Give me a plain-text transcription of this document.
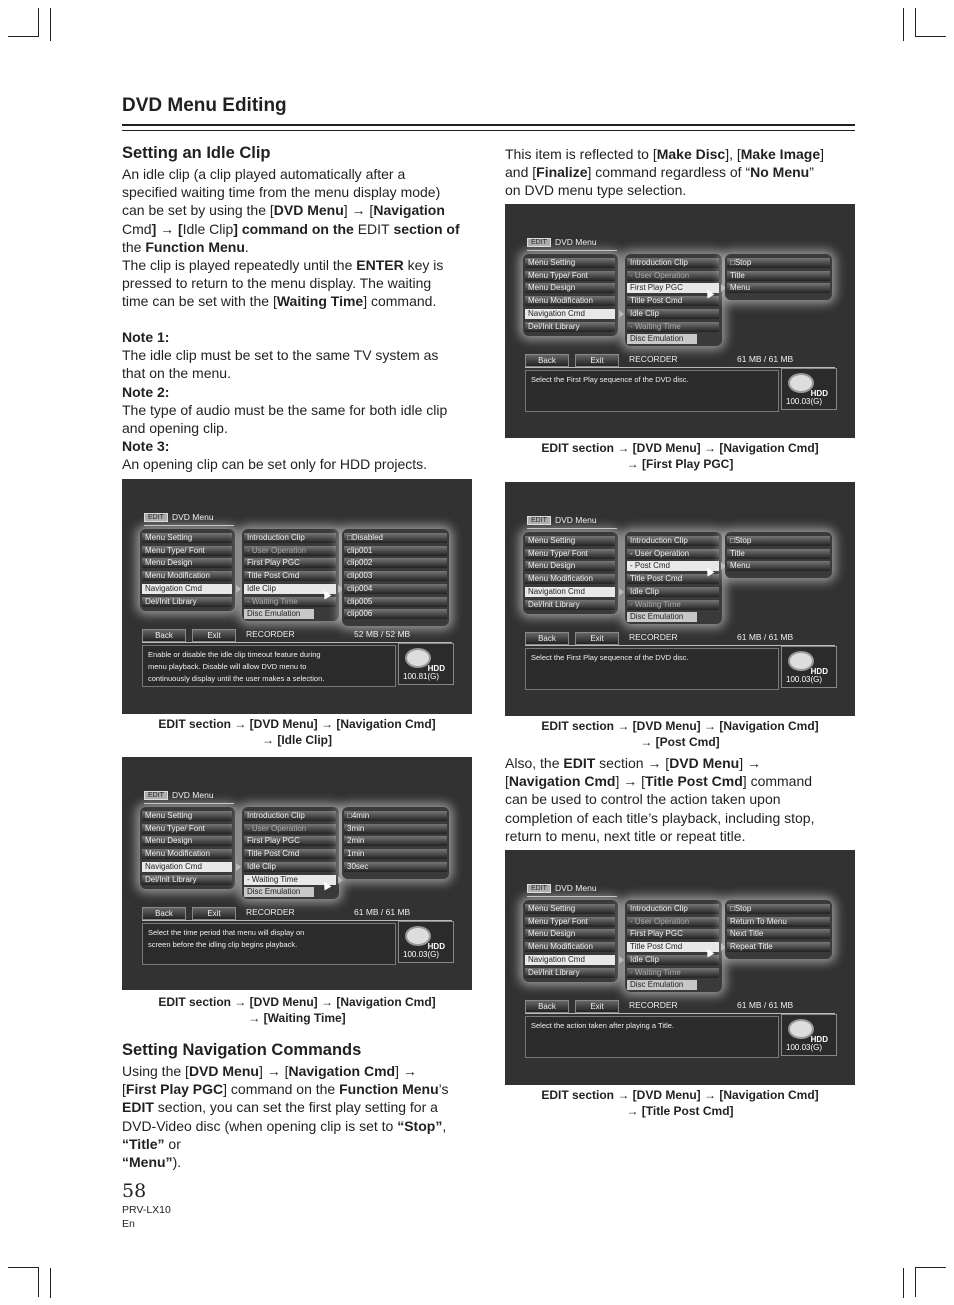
DVD Menu Editing
Setting an Idle Clip
An idle clip (a clip played automatically after a
specified waiting time from the menu display mode)
can be set by using the [DVD Menu] → [Navigation
Cmd] → [Idle Clip] command on the EDIT section of
the Function Menu.
The clip is played repeatedly until the ENTER key is
pressed to return to the menu display. The waiting
time can be set with the [Waiting Time] command.
Note 1:
The idle clip must be set to the same TV system as
that on the menu.
Note 2:
The type of audio must be the same for both idle clip
and opening clip.
Note 3:
An opening clip can be set only for HDD projects.
EDIT DVD Menu
Menu Setting
Menu Type/ Font
Menu Design
Menu Modification
Navigation Cmd
Del/Init Library
Introduction Clip
- User Operation
First Play PGC
Title Post Cmd
Idle Clip
- Waiting Time
Disc Emulation
□Disabled
clip001
clip002
clip003
clip004
clip005
clip006
Back	Exit	RECORDER	52 MB / 52 MB
Enable or disable the idle clip timeout feature during
menu playback. Disable will allow DVD menu to
continuously display until the user makes a selection.
HDD
100.81(G)
EDIT section → [DVD Menu] → [Navigation Cmd]
→ [Idle Clip]
EDIT DVD Menu
Menu Setting
Menu Type/ Font
Menu Design
Menu Modification
Navigation Cmd
Del/Init Library
Introduction Clip
- User Operation
First Play PGC
Title Post Cmd
Idle Clip
- Waiting Time
Disc Emulation
□4min
3min
2min
1min
30sec
Back	Exit	RECORDER	61 MB / 61 MB
Select the time period that menu will display on
screen before the idling clip begins playback.	HDD
100.03(G)
EDIT section → [DVD Menu] → [Navigation Cmd]
→ [Waiting Time]
Setting Navigation Commands
Using the [DVD Menu] → [Navigation Cmd] →
[First Play PGC] command on the Function Menu’s
EDIT section, you can set the first play setting for a
DVD-Video disc (when opening clip is set to “Stop”, “Title” or
“Menu”).
This item is reflected to [Make Disc], [Make Image]
and [Finalize] command regardless of “No Menu”
on DVD menu type selection.
EDIT DVD Menu
Menu Setting
Menu Type/ Font
Menu Design
Menu Modification
Navigation Cmd
Del/Init Library
Introduction Clip
- User Operation
First Play PGC
Title Post Cmd
Idle Clip
- Waiting Time
Disc Emulation
□Stop
Title
Menu
Back	Exit	RECORDER	61 MB / 61 MB
Select the First Play sequence of the DVD disc.
HDD
100.03(G)
EDIT section → [DVD Menu] → [Navigation Cmd]
→ [First Play PGC]
EDIT DVD Menu
Menu Setting
Menu Type/ Font
Menu Design
Menu Modification
Navigation Cmd
Del/Init Library
Introduction Clip
- User Operation
- Post Cmd
Title Post Cmd
Idle Clip
- Waiting Time
Disc Emulation
□Stop
Title
Menu
Back	Exit	RECORDER	61 MB / 61 MB
Select the First Play sequence of the DVD disc.
HDD
100.03(G)
EDIT section → [DVD Menu] → [Navigation Cmd]
→ [Post Cmd]
Also, the EDIT section → [DVD Menu] →
[Navigation Cmd] → [Title Post Cmd] command
can be used to control the action taken upon
completion of each title’s playback, including stop,
return to menu, next title or repeat title.
EDIT DVD Menu
Menu Setting
Menu Type/ Font
Menu Design
Menu Modification
Navigation Cmd
Del/Init Library
Introduction Clip
- User Operation
First Play PGC
Title Post Cmd
Idle Clip
- Waiting Time
Disc Emulation
□Stop
Return To Menu
Next Title
Repeat Title
Back	Exit	RECORDER	61 MB / 61 MB
Select the action taken after playing a Title.
HDD
100.03(G)
EDIT section → [DVD Menu] → [Navigation Cmd]
→ [Title Post Cmd]
58
PRV-LX10
En
